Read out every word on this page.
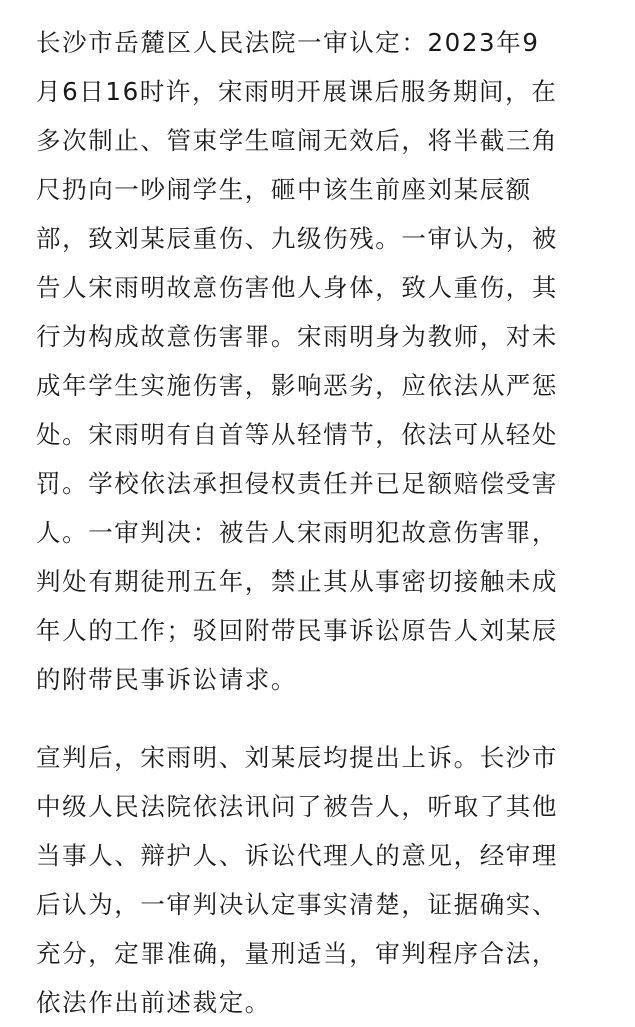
长沙市岳麓区人民法院一审认定：2023年9
月6日16时许，宋雨明开展课后服务期间，在
多次制止、管束学生喧闹无效后，将半截三角
尺扔向一吵闹学生，砸中该生前座刘某辰额
部，致刘某辰重伤、九级伤残。一审认为，被
告人宋雨明故意伤害他人身体，致人重伤，其
行为构成故意伤害罪。宋雨明身为教师，对未
成年学生实施伤害，影响恶劣，应依法从严惩
处。宋雨明有自首等从轻情节，依法可从轻处
罚。学校依法承担侵权责任并已足额赔偿受害
人。一审判决：被告人宋雨明犯故意伤害罪，
判处有期徒刑五年，禁止其从事密切接触未成
年人的工作；驳回附带民事诉讼原告人刘某辰
的附带民事诉讼请求。
宣判后，宋雨明、刘某辰均提出上诉。长沙市
中级人民法院依法讯问了被告人，听取了其他
当事人、辩护人、诉讼代理人的意见，经审理
后认为，一审判决认定事实清楚，证据确实、
充分，定罪准确，量刑适当，审判程序合法，
依法作出前述裁定。
